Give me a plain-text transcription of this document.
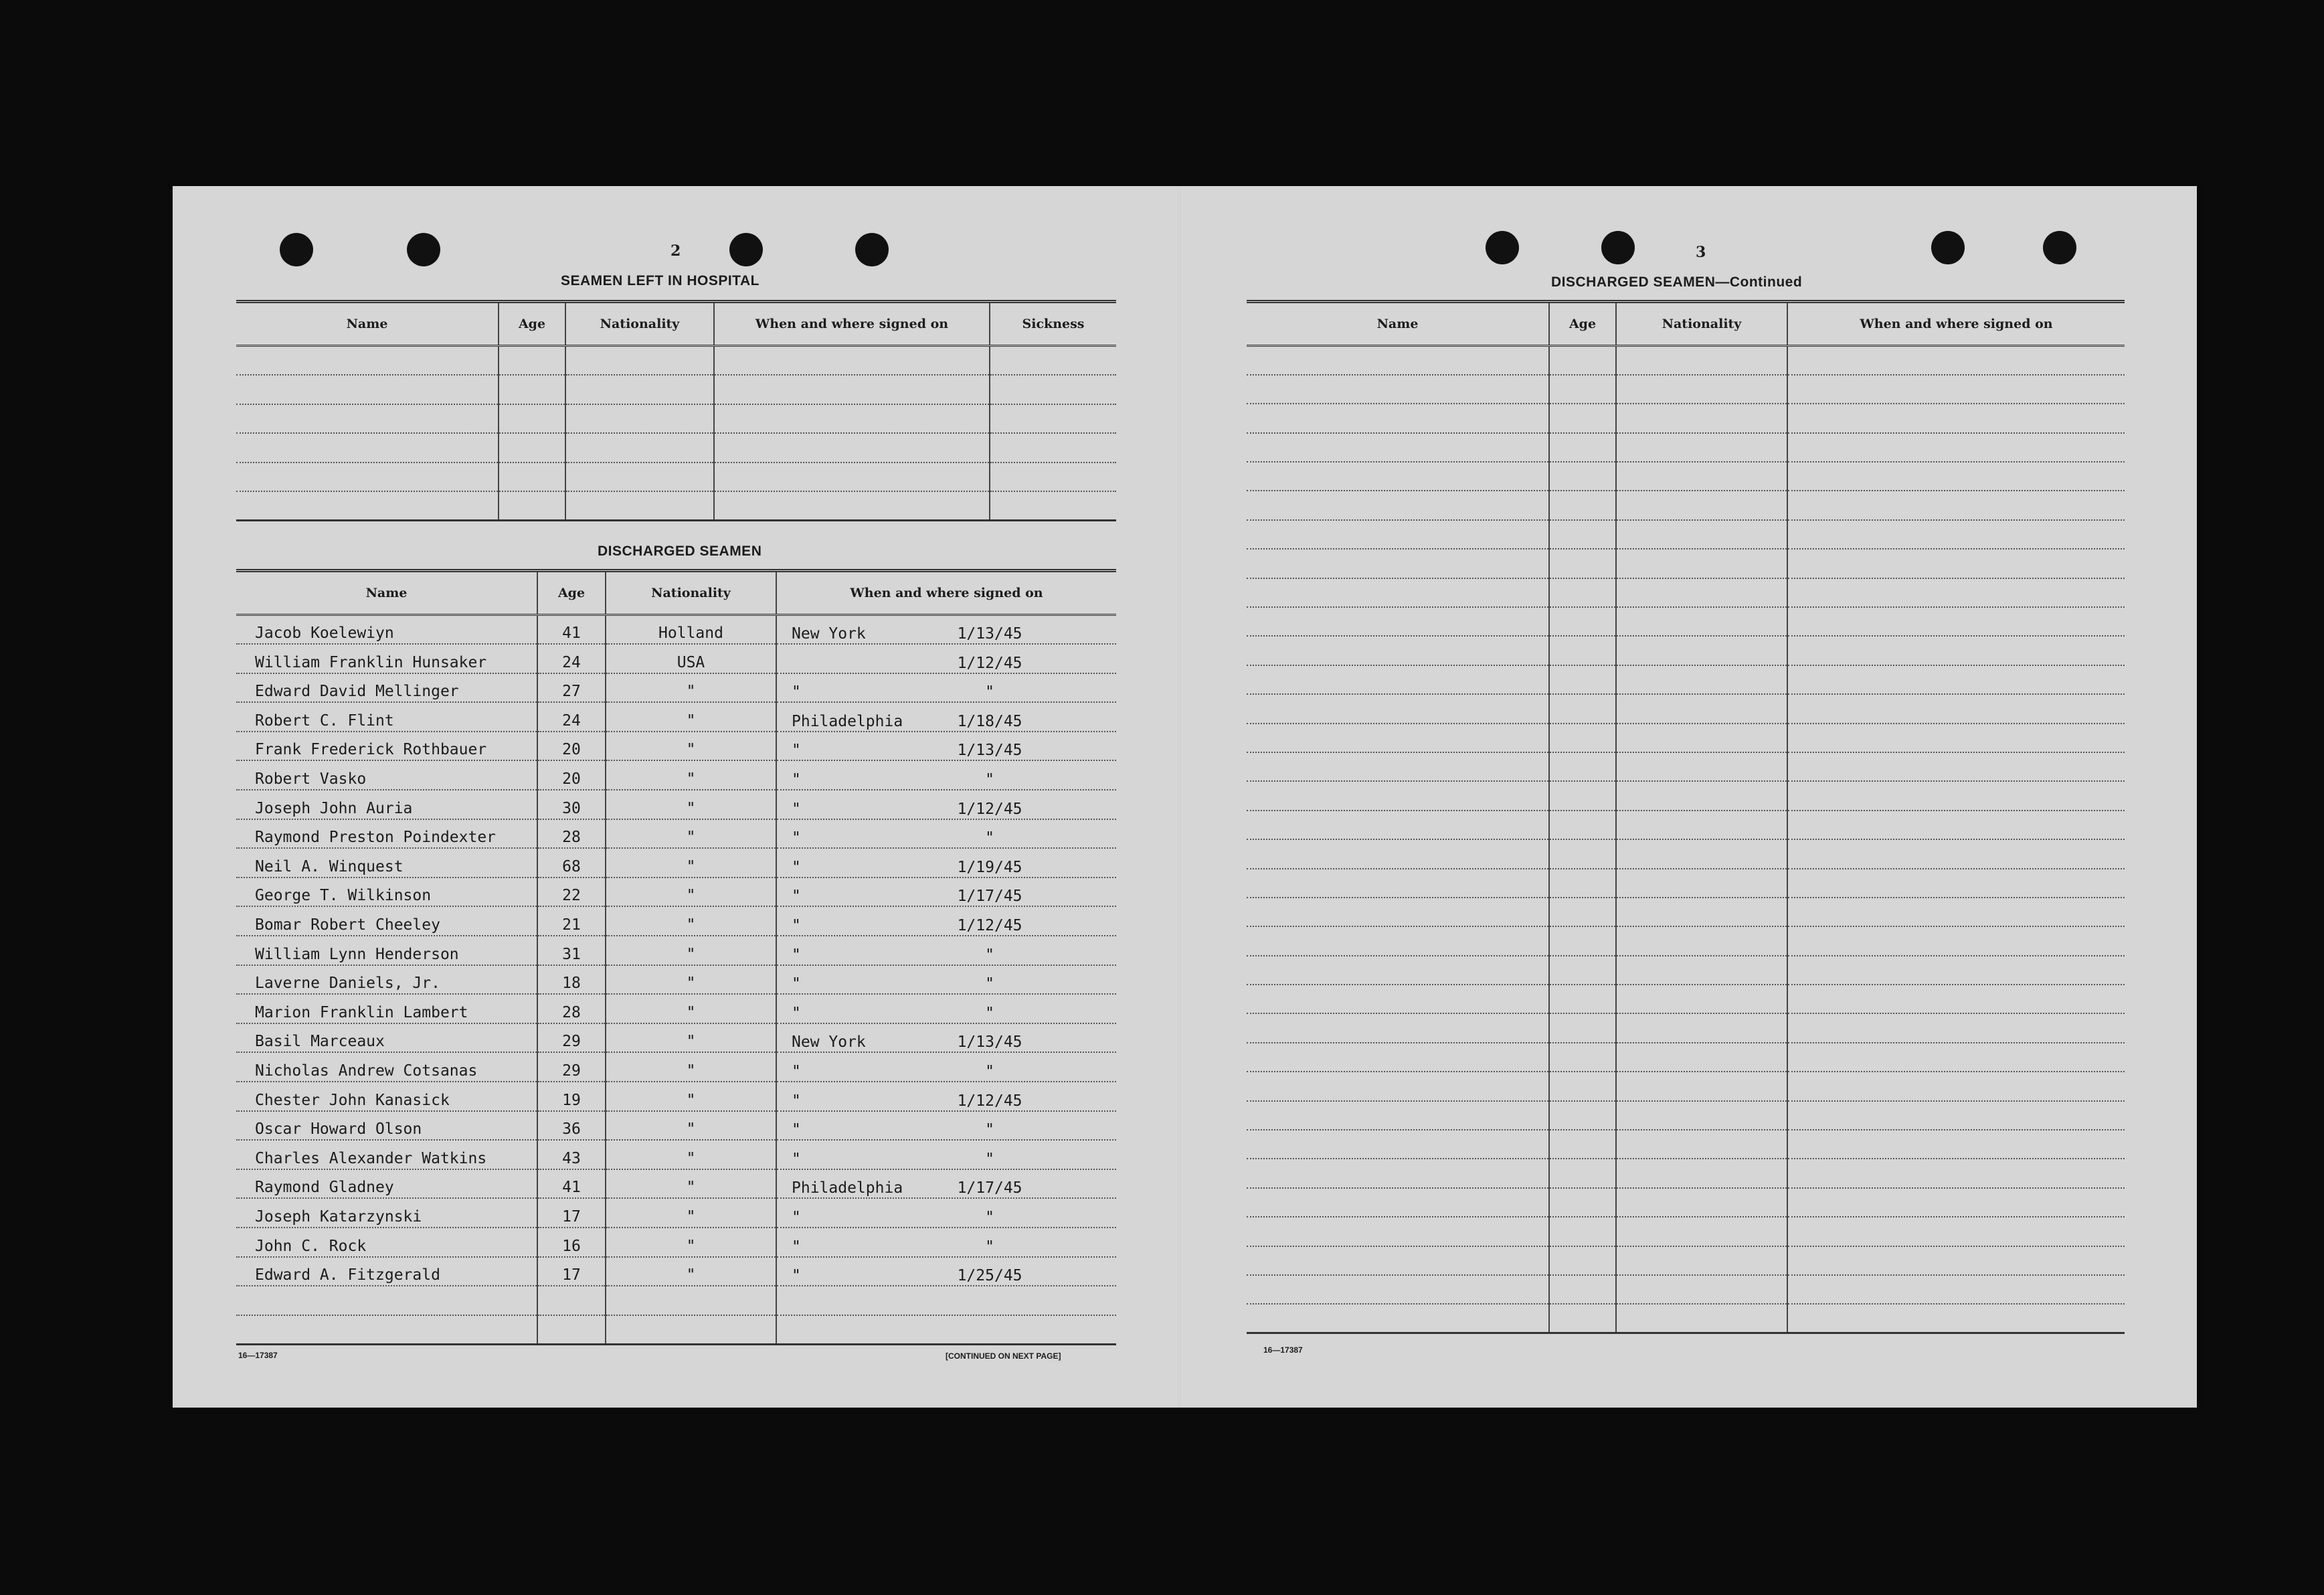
2
SEAMEN LEFT IN HOSPITAL
Name	Age	Nationality	When and where signed on	Sickness

DISCHARGED SEAMEN
Name	Age	Nationality	When and where signed on
Jacob Koelewiyn	41	Holland	New York 1/13/45

William Franklin Hunsaker	24	USA	1/12/45

Edward David Mellinger	27	"	" "

Robert C. Flint	24	"	Philadelphia 1/18/45

Frank Frederick Rothbauer	20	"	" 1/13/45

Robert Vasko	20	"	" "

Joseph John Auria	30	"	" 1/12/45

Raymond Preston Poindexter	28	"	" "

Neil A. Winquest	68	"	" 1/19/45

George T. Wilkinson	22	"	" 1/17/45

Bomar Robert Cheeley	21	"	" 1/12/45

William Lynn Henderson	31	"	" "

Laverne Daniels, Jr.	18	"	" "

Marion Franklin Lambert	28	"	" "

Basil Marceaux	29	"	New York 1/13/45

Nicholas Andrew Cotsanas	29	"	" "

Chester John Kanasick	19	"	" 1/12/45

Oscar Howard Olson	36	"	" "

Charles Alexander Watkins	43	"	" "

Raymond Gladney	41	"	Philadelphia 1/17/45

Joseph Katarzynski	17	"	" "

John C. Rock	16	"	" "

Edward A. Fitzgerald	17	"	" 1/25/45

16—17387	[CONTINUED ON NEXT PAGE]
3
DISCHARGED SEAMEN—Continued
Name	Age	Nationality	When and where signed on

16—17387
